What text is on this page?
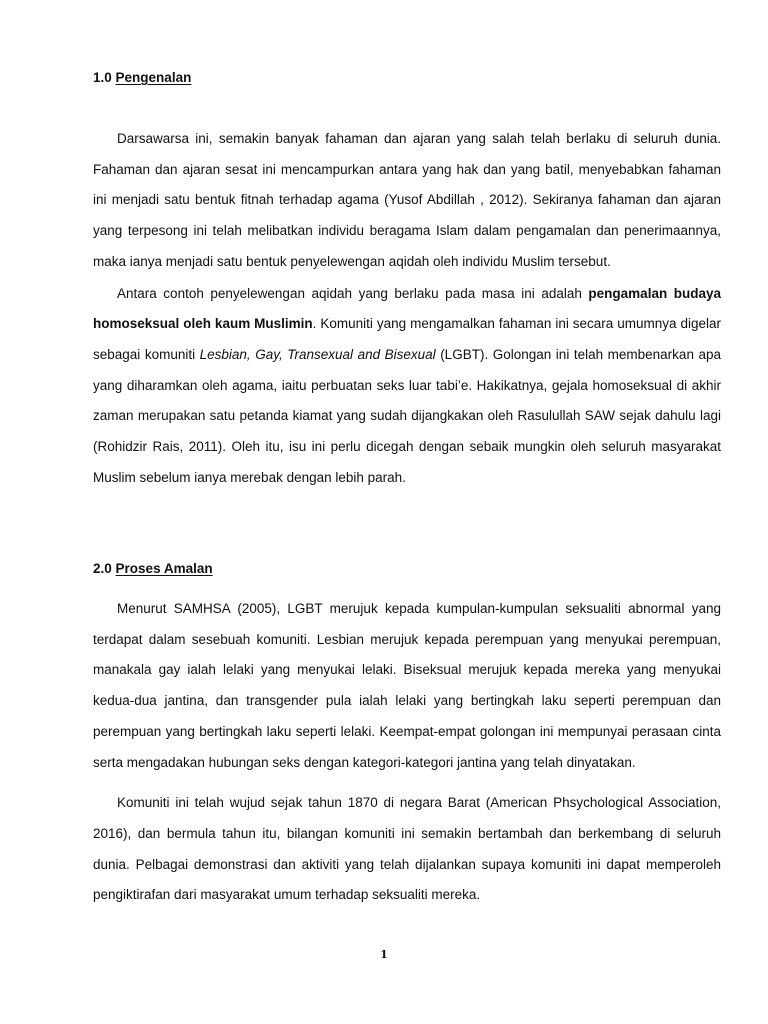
1.0 Pengenalan

Darsawarsa ini, semakin banyak fahaman dan ajaran yang salah telah berlaku di seluruh dunia. Fahaman dan ajaran sesat ini mencampurkan antara yang hak dan yang batil, menyebabkan fahaman ini menjadi satu bentuk fitnah terhadap agama (Yusof Abdillah , 2012). Sekiranya fahaman dan ajaran yang terpesong ini telah melibatkan individu beragama Islam dalam pengamalan dan penerimaannya, maka ianya menjadi satu bentuk penyelewengan aqidah oleh individu Muslim tersebut.

Antara contoh penyelewengan aqidah yang berlaku pada masa ini adalah pengamalan budaya homoseksual oleh kaum Muslimin. Komuniti yang mengamalkan fahaman ini secara umumnya digelar sebagai komuniti Lesbian, Gay, Transexual and Bisexual (LGBT). Golongan ini telah membenarkan apa yang diharamkan oleh agama, iaitu perbuatan seks luar tabi’e. Hakikatnya, gejala homoseksual di akhir zaman merupakan satu petanda kiamat yang sudah dijangkakan oleh Rasulullah SAW sejak dahulu lagi (Rohidzir Rais, 2011). Oleh itu, isu ini perlu dicegah dengan sebaik mungkin oleh seluruh masyarakat Muslim sebelum ianya merebak dengan lebih parah.

2.0 Proses Amalan

Menurut SAMHSA (2005), LGBT merujuk kepada kumpulan-kumpulan seksualiti abnormal yang terdapat dalam sesebuah komuniti. Lesbian merujuk kepada perempuan yang menyukai perempuan, manakala gay ialah lelaki yang menyukai lelaki. Biseksual merujuk kepada mereka yang menyukai kedua-dua jantina, dan transgender pula ialah lelaki yang bertingkah laku seperti perempuan dan perempuan yang bertingkah laku seperti lelaki. Keempat-empat golongan ini mempunyai perasaan cinta serta mengadakan hubungan seks dengan kategori-kategori jantina yang telah dinyatakan.

Komuniti ini telah wujud sejak tahun 1870 di negara Barat (American Phsychological Association, 2016), dan bermula tahun itu, bilangan komuniti ini semakin bertambah dan berkembang di seluruh dunia. Pelbagai demonstrasi dan aktiviti yang telah dijalankan supaya komuniti ini dapat memperoleh pengiktirafan dari masyarakat umum terhadap seksualiti mereka.

1
